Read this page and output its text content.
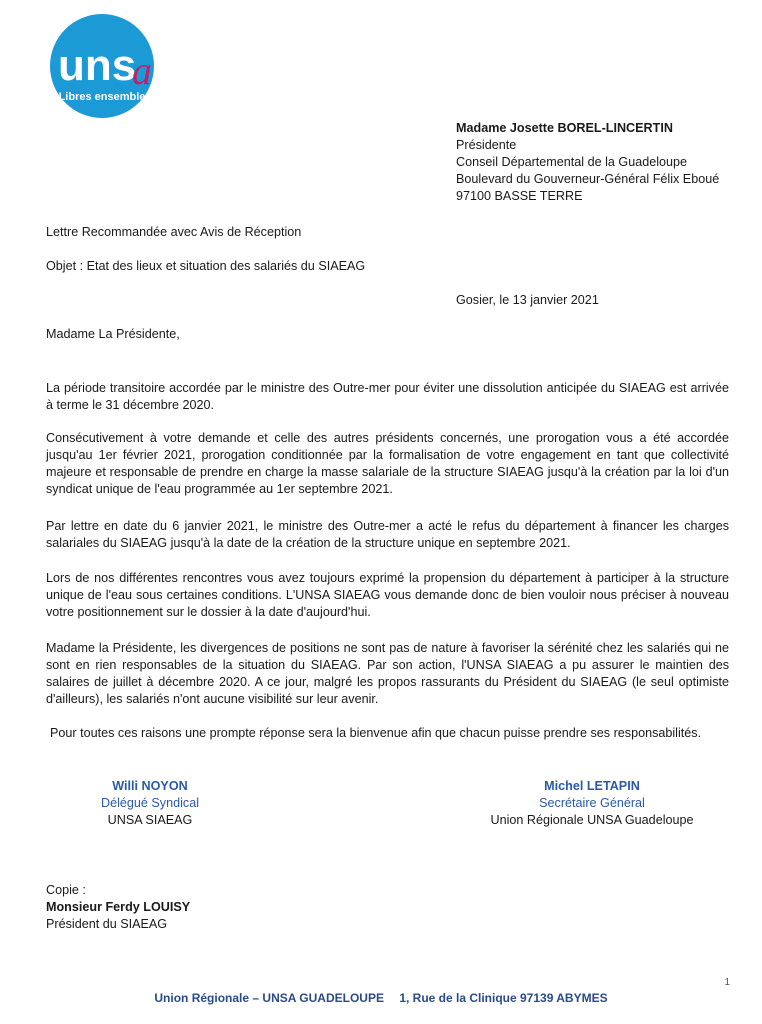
uns
a
Libres ensemble
Madame Josette BOREL-LINCERTIN
Présidente
Conseil Départemental de la Guadeloupe
Boulevard du Gouverneur-Général Félix Eboué
97100 BASSE TERRE
Lettre Recommandée avec Avis de Réception
Objet : Etat des lieux et situation des salariés du SIAEAG
Gosier, le 13 janvier 2021
Madame La Présidente,
La période transitoire accordée par le ministre des Outre-mer pour éviter une dissolution anticipée du SIAEAG est arrivée à terme le 31 décembre 2020.
Consécutivement à votre demande et celle des autres présidents concernés, une prorogation vous a été accordée jusqu'au 1er février 2021, prorogation conditionnée par la formalisation de votre engagement en tant que collectivité majeure et responsable de prendre en charge la masse salariale de la structure SIAEAG jusqu'à la création par la loi d'un syndicat unique de l'eau programmée au 1er septembre 2021.
Par lettre en date du 6 janvier 2021, le ministre des Outre-mer a acté le refus du département à financer les charges salariales du SIAEAG jusqu'à la date de la création de la structure unique en septembre 2021.
Lors de nos différentes rencontres vous avez toujours exprimé la propension du département à participer à la structure unique de l'eau sous certaines conditions. L'UNSA SIAEAG vous demande donc de bien vouloir nous préciser à nouveau votre positionnement sur le dossier à la date d'aujourd'hui.
Madame la Présidente, les divergences de positions ne sont pas de nature à favoriser la sérénité chez les salariés qui ne sont en rien responsables de la situation du SIAEAG. Par son action, l'UNSA SIAEAG a pu assurer le maintien des salaires de juillet à décembre 2020. A ce jour, malgré les propos rassurants du Président du SIAEAG (le seul optimiste d'ailleurs), les salariés n'ont aucune visibilité sur leur avenir.
Pour toutes ces raisons une prompte réponse sera la bienvenue afin que chacun puisse prendre ses responsabilités.
Willi NOYON
Délégué Syndical
UNSA SIAEAG
Michel LETAPIN
Secrétaire Général
Union Régionale UNSA Guadeloupe
Copie :
Monsieur Ferdy LOUISY
Président du SIAEAG
1
Union Régionale – UNSA GUADELOUPE 1, Rue de la Clinique 97139 ABYMES
